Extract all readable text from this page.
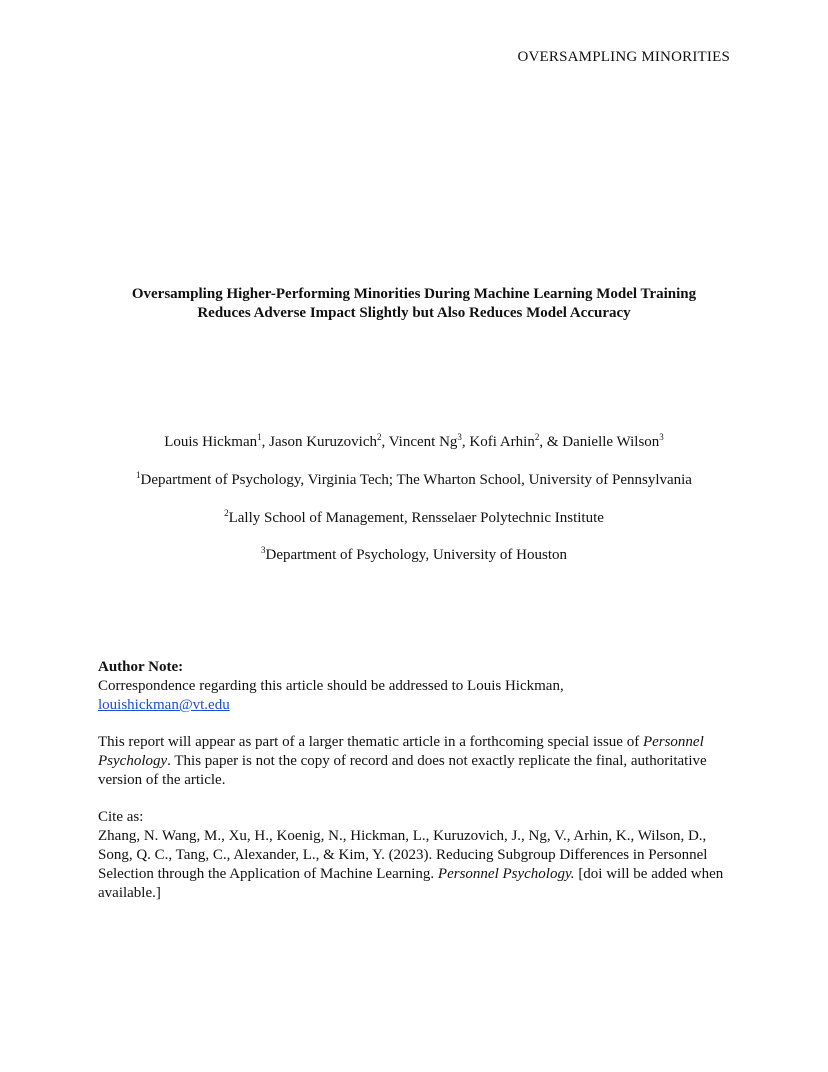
OVERSAMPLING MINORITIES
Oversampling Higher-Performing Minorities During Machine Learning Model Training
Reduces Adverse Impact Slightly but Also Reduces Model Accuracy
Louis Hickman$^1$, Jason Kuruzovich$^2$, Vincent Ng$^3$, Kofi Arhin$^2$, & Danielle Wilson$^3$
$^1$Department of Psychology, Virginia Tech; The Wharton School, University of Pennsylvania
$^2$Lally School of Management, Rensselaer Polytechnic Institute
$^3$Department of Psychology, University of Houston

Author Note:

Correspondence regarding this article should be addressed to Louis Hickman,
louishickman@vt.edu

This report will appear as part of a larger thematic article in a forthcoming special issue of Personnel Psychology. This paper is not the copy of record and does not exactly replicate the final, authoritative version of the article.

Cite as:

Zhang, N. Wang, M., Xu, H., Koenig, N., Hickman, L., Kuruzovich, J., Ng, V., Arhin, K., Wilson, D., Song, Q. C., Tang, C., Alexander, L., & Kim, Y. (2023). Reducing Subgroup Differences in Personnel Selection through the Application of Machine Learning. Personnel Psychology. [doi will be added when available.]
